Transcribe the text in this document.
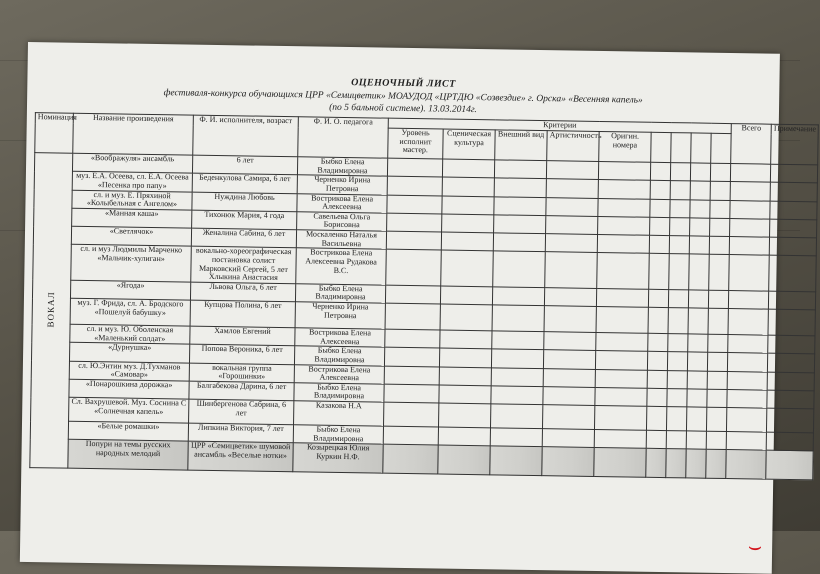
ОЦЕНОЧНЫЙ ЛИСТ
фестиваля-конкурса обучающихся ЦРР «Семицветик» МОАУДОД «ЦРТДЮ «Созвездие» г. Орска» «Весенняя капель»
(по 5 бальной системе). 13.03.2014г.
Номинация	Название произведения	Ф. И. исполнителя, возраст	Ф. И. О. педагога	Критерии									Всего	Примечание
				Уровень исполнит мастер.	Сценическая культура	Внешний вид	Артистичность	Оригин. номера						
ВОКАЛ	«Воображуля» ансамбль	6 лет	Быбко Елена Владимировна											
	муз. Е.А. Осеева, сл. Е.А. Осеева «Песенка про папу»	Беденкулова Самира, 6 лет	Черненко Ирина Петровна											
	сл. и муз. Е. Пряхиной «Колыбельная с Ангелом»	Нуждина Любовь	Вострикова Елена Алексеевна											
	«Манная каша»	Тихонюк Мария, 4 года	Савельева Ольга Борисовна											
	«Светлячок»	Женалина Сабина, 6 лет	Москаленко Наталья Васильевна											
	сл. и муз Людмилы Марченко «Мальчик-хулиган»	вокально-хореографическая постановка солист Марковский Сергей, 5 лет Хлыкина Анастасия	Вострикова Елена Алексеевна Рудакова В.С.											
	«Ягода»	Львова Ольга, 6 лет	Быбко Елена Владимировна											
	муз. Г. Фрида, сл. А. Бродского «Пошелуй бабушку»	Купцова Полина, 6 лет	Черненко Ирина Петровна											
	сл. и муз. Ю. Оболенская «Маленький солдат»	Хамлов Евгений	Вострикова Елена Алексеевна											
	«Дурнушка»	Попова Вероника, 6 лет	Быбко Елена Владимировна											
	сл. Ю.Энтин муз. Д.Тухманов «Самовар»	вокальная группа «Горошинки»	Вострикова Елена Алексеевна											
	«Понарошкина дорожка»	Балгабекова Дарина, 6 лет	Быбко Елена Владимировна											
	Сл. Вахрушевой. Муз. Соснина С «Солнечная капель»	Шинбергенова Сабрина, 6 лет	Казакова Н.А											
	«Белые ромашки»	Липкина Виктория, 7 лет	Быбко Елена Владимировна											
	Попури на темы русских народных мелодий	ЦРР «Семицветик» шумовой ансамбль «Веселые нотки»	Козырецкая Юлия Куркин Н.Ф.											
⌣
